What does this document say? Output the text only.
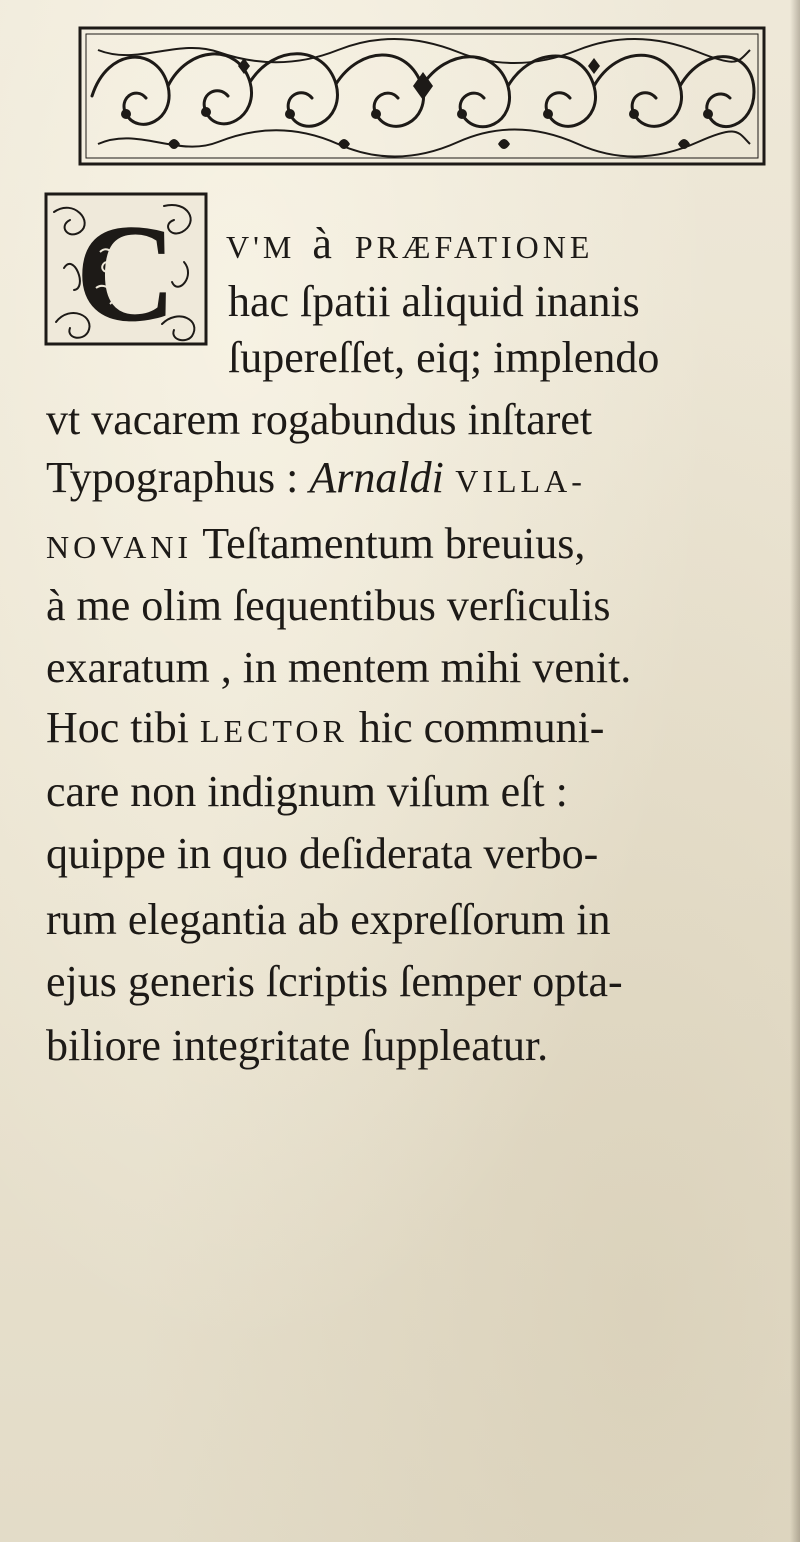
C V'M à PRÆFATIONE
hac ſpatii aliquid inanis
ſupereſſet, eiq; implendo
vt vacarem rogabundus inſtaret
Typographus : Arnaldi VILLA-
NOVANI Teſtamentum breuius,
à me olim ſequentibus verſiculis
exaratum , in mentem mihi venit.
Hoc tibi LECTOR hic communi-
care non indignum viſum eſt :
quippe in quo deſiderata verbo-
rum elegantia ab expreſſorum in
ejus generis ſcriptis ſemper opta-
biliore integritate ſuppleatur.
